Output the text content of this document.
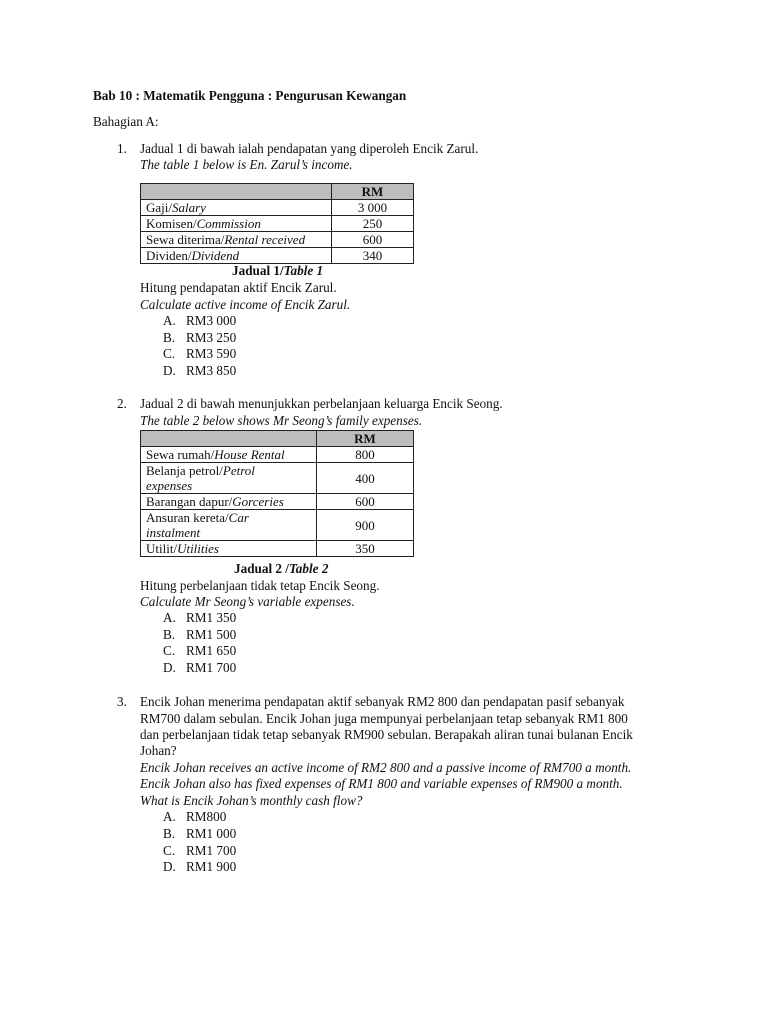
Bab 10 : Matematik Pengguna : Pengurusan Kewangan
Bahagian A:
1. Jadual 1 di bawah ialah pendapatan yang diperoleh Encik Zarul.
The table 1 below is En. Zarul’s income.
	RM
Gaji/Salary	3 000
Komisen/Commission	250
Sewa diterima/Rental received	600
Dividen/Dividend	340
Jadual 1/Table 1
Hitung pendapatan aktif Encik Zarul.
Calculate active income of Encik Zarul.
A. RM3 000
B. RM3 250
C. RM3 590
D. RM3 850
2. Jadual 2 di bawah menunjukkan perbelanjaan keluarga Encik Seong.
The table 2 below shows Mr Seong’s family expenses.
	RM
Sewa rumah/House Rental	800
Belanja petrol/Petrol
expenses	400
Barangan dapur/Gorceries	600
Ansuran kereta/Car
instalment	900
Utilit/Utilities	350
Jadual 2 /Table 2
Hitung perbelanjaan tidak tetap Encik Seong.
Calculate Mr Seong’s variable expenses.
A. RM1 350
B. RM1 500
C. RM1 650
D. RM1 700
3. Encik Johan menerima pendapatan aktif sebanyak RM2 800 dan pendapatan pasif sebanyak
RM700 dalam sebulan. Encik Johan juga mempunyai perbelanjaan tetap sebanyak RM1 800
dan perbelanjaan tidak tetap sebanyak RM900 sebulan. Berapakah aliran tunai bulanan Encik
Johan?
Encik Johan receives an active income of RM2 800 and a passive income of RM700 a month.
Encik Johan also has fixed expenses of RM1 800 and variable expenses of RM900 a month.
What is Encik Johan’s monthly cash flow?
A. RM800
B. RM1 000
C. RM1 700
D. RM1 900
